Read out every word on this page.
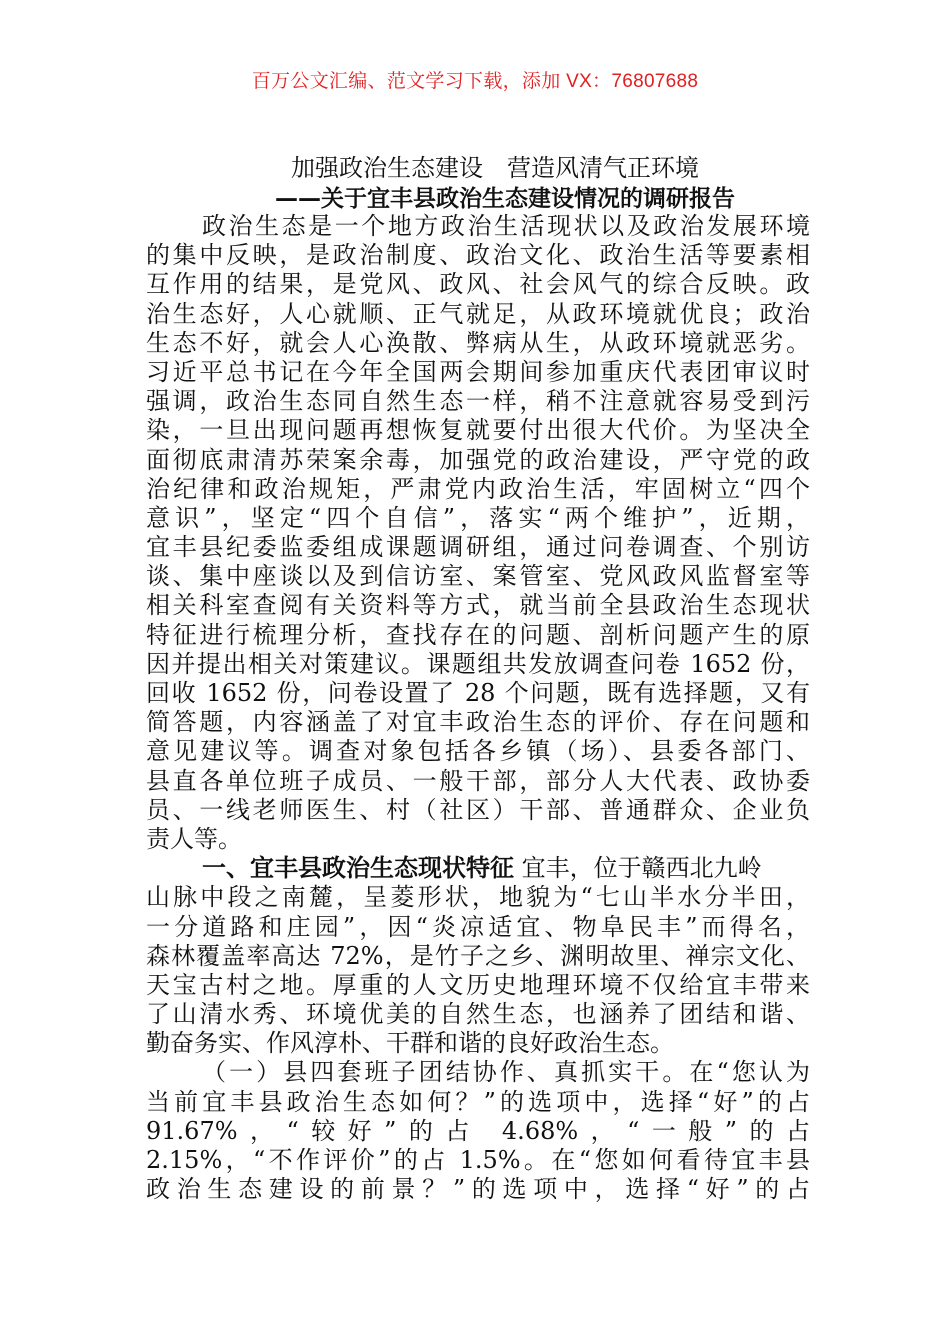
百万公文汇编、范文学习下载，添加 VX：76807688
加强政治生态建设　营造风清气正环境
——关于宜丰县政治生态建设情况的调研报告
政治生态是一个地方政治生活现状以及政治发展环境
的集中反映，是政治制度、政治文化、政治生活等要素相
互作用的结果，是党风、政风、社会风气的综合反映。政
治生态好，人心就顺、正气就足，从政环境就优良；政治
生态不好，就会人心涣散、弊病从生，从政环境就恶劣。
习近平总书记在今年全国两会期间参加重庆代表团审议时
强调，政治生态同自然生态一样，稍不注意就容易受到污
染，一旦出现问题再想恢复就要付出很大代价。为坚决全
面彻底肃清苏荣案余毒，加强党的政治建设，严守党的政
治纪律和政治规矩，严肃党内政治生活，牢固树立“四个
意识”，坚定“四个自信”，落实“两个维护”，近期，
宜丰县纪委监委组成课题调研组，通过问卷调查、个别访
谈、集中座谈以及到信访室、案管室、党风政风监督室等
相关科室查阅有关资料等方式，就当前全县政治生态现状
特征进行梳理分析，查找存在的问题、剖析问题产生的原
因并提出相关对策建议。课题组共发放调查问卷 1652 份，
回收 1652 份，问卷设置了 28 个问题，既有选择题，又有
简答题，内容涵盖了对宜丰政治生态的评价、存在问题和
意见建议等。调查对象包括各乡镇（场）、县委各部门、
县直各单位班子成员、一般干部，部分人大代表、政协委
员、一线老师医生、村（社区）干部、普通群众、企业负
责人等。
一、宜丰县政治生态现状特征 宜丰，位于赣西北九岭
山脉中段之南麓，呈菱形状，地貌为“七山半水分半田，
一分道路和庄园”，因“炎凉适宜、物阜民丰”而得名，
森林覆盖率高达 72%，是竹子之乡、渊明故里、禅宗文化、
天宝古村之地。厚重的人文历史地理环境不仅给宜丰带来
了山清水秀、环境优美的自然生态，也涵养了团结和谐、
勤奋务实、作风淳朴、干群和谐的良好政治生态。
（一）县四套班子团结协作、真抓实干。在“您认为
当前宜丰县政治生态如何？”的选项中，选择“好”的占
91.67%，“较好”的占 4.68%，“一般”的占
2.15%，“不作评价”的占 1.5%。在“您如何看待宜丰县
政治生态建设的前景？”的选项中，选择“好”的占
